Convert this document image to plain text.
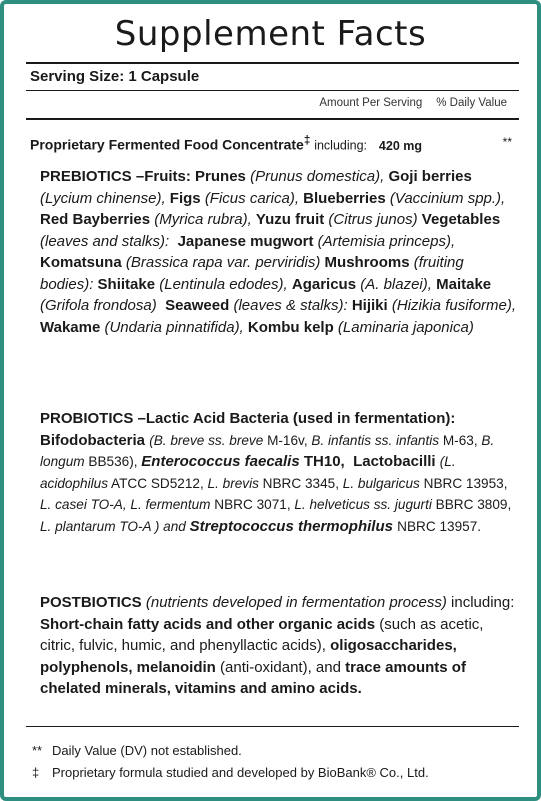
Supplement Facts
Serving Size: 1 Capsule
Amount Per Serving % Daily Value
Proprietary Fermented Food Concentrate‡ including: 420 mg	**
PREBIOTICS –Fruits: Prunes (Prunus domestica), Goji berries (Lycium chinense), Figs (Ficus carica), Blueberries (Vaccinium spp.), Red Bayberries (Myrica rubra), Yuzu fruit (Citrus junos) Vegetables (leaves and stalks): Japanese mugwort (Artemisia princeps), Komatsuna (Brassica rapa var. perviridis) Mushrooms (fruiting bodies): Shiitake (Lentinula edodes), Agaricus (A. blazei), Maitake (Grifola frondosa) Seaweed (leaves & stalks): Hijiki (Hizikia fusiforme), Wakame (Undaria pinnatifida), Kombu kelp (Laminaria japonica)
PROBIOTICS –Lactic Acid Bacteria (used in fermentation): Bifodobacteria (B. breve ss. breve M-16v, B. infantis ss. infantis M-63, B. longum BB536), Enterococcus faecalis TH10, Lactobacilli (L. acidophilus ATCC SD5212, L. brevis NBRC 3345, L. bulgaricus NBRC 13953, L. casei TO-A, L. fermentum NBRC 3071, L. helveticus ss. jugurti BBRC 3809, L. plantarum TO-A ) and Streptococcus thermophilus NBRC 13957.
POSTBIOTICS (nutrients developed in fermentation process) including: Short-chain fatty acids and other organic acids (such as acetic, citric, fulvic, humic, and phenyllactic acids), oligosaccharides, polyphenols, melanoidin (anti-oxidant), and trace amounts of chelated minerals, vitamins and amino acids.
** Daily Value (DV) not established.
‡ Proprietary formula studied and developed by BioBank® Co., Ltd.
